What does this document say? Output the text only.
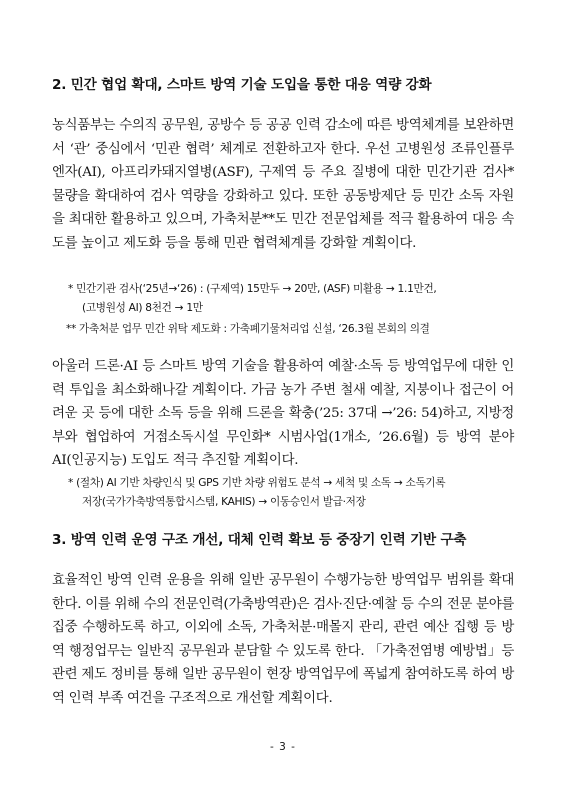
2. 민간 협업 확대, 스마트 방역 기술 도입을 통한 대응 역량 강화
농식품부는 수의직 공무원, 공방수 등 공공 인력 감소에 따른 방역체계를 보완하면서 ‘관’ 중심에서 ‘민관 협력’ 체계로 전환하고자 한다. 우선 고병원성 조류인플루엔자(AI), 아프리카돼지열병(ASF), 구제역 등 주요 질병에 대한 민간기관 검사* 물량을 확대하여 검사 역량을 강화하고 있다. 또한 공동방제단 등 민간 소독 자원을 최대한 활용하고 있으며, 가축처분**도 민간 전문업체를 적극 활용하여 대응 속도를 높이고 제도화 등을 통해 민관 협력체계를 강화할 계획이다.
* 민간기관 검사(‘25년→‘26) : (구제역) 15만두 → 20만, (ASF) 미활용 → 1.1만건,
(고병원성 AI) 8천건 → 1만
** 가축처분 업무 민간 위탁 제도화 : 가축폐기물처리업 신설, ‘26.3월 본회의 의결
아울러 드론·AI 등 스마트 방역 기술을 활용하여 예찰·소독 등 방역업무에 대한 인력 투입을 최소화해나갈 계획이다. 가금 농가 주변 철새 예찰, 지붕이나 접근이 어려운 곳 등에 대한 소독 등을 위해 드론을 확충(’25: 37대 →’26: 54)하고, 지방정부와 협업하여 거점소독시설 무인화* 시범사업(1개소, ’26.6월) 등 방역 분야 AI(인공지능) 도입도 적극 추진할 계획이다.
* (절차) AI 기반 차량인식 및 GPS 기반 차량 위험도 분석 → 세척 및 소독 → 소독기록
저장(국가가축방역통합시스템, KAHIS) → 이동승인서 발급·저장
3. 방역 인력 운영 구조 개선, 대체 인력 확보 등 중장기 인력 기반 구축
효율적인 방역 인력 운용을 위해 일반 공무원이 수행가능한 방역업무 범위를 확대한다. 이를 위해 수의 전문인력(가축방역관)은 검사·진단·예찰 등 수의 전문 분야를 집중 수행하도록 하고, 이외에 소독, 가축처분·매몰지 관리, 관련 예산 집행 등 방역 행정업무는 일반직 공무원과 분담할 수 있도록 한다. 「가축전염병 예방법」등 관련 제도 정비를 통해 일반 공무원이 현장 방역업무에 폭넓게 참여하도록 하여 방역 인력 부족 여건을 구조적으로 개선할 계획이다.
- 3 -
